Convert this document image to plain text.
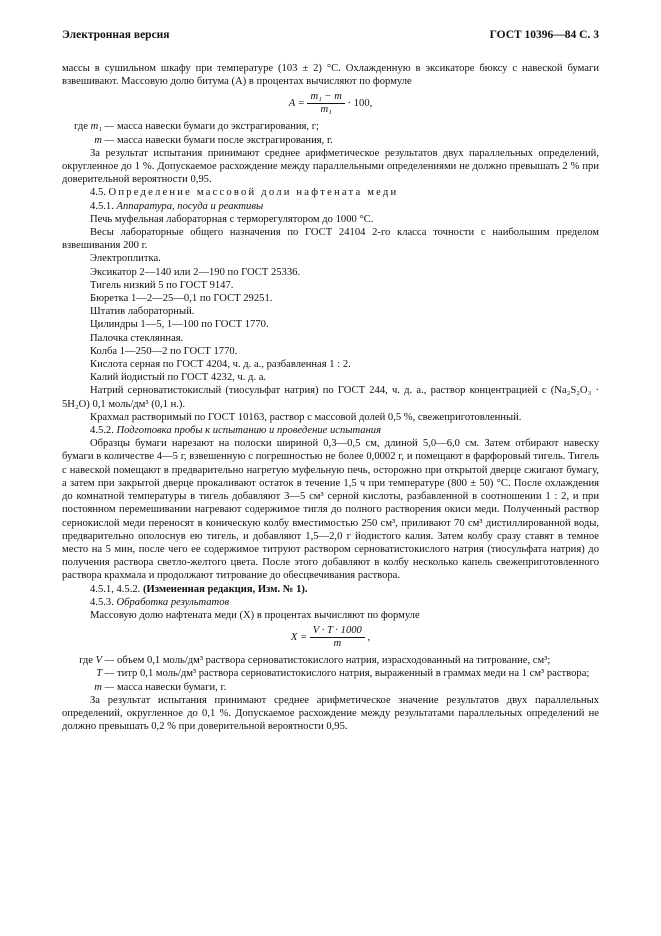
Электронная версия	ГОСТ 10396—84 С. 3

массы в сушильном шкафу при температуре (103 ± 2) °С. Охлажденную в эксикаторе бюксу с навеской бумаги взвешивают. Массовую долю битума (A) в процентах вычисляют по формуле

$A = \frac{\text{m₁ − m}}{\text{m₁}} \cdot 100$,
где m₁ — масса навески бумаги до экстрагирования, г;
m — масса навески бумаги после экстрагирования, г.

За результат испытания принимают среднее арифметическое результатов двух параллельных определений, округленное до 1 %. Допускаемое расхождение между параллельными определениями не должно превышать 2 % при доверительной вероятности 0,95.

4.5. Определение массовой доли нафтената меди

4.5.1. Аппаратура, посуда и реактивы

Печь муфельная лабораторная с терморегулятором до 1000 °С.

Весы лабораторные общего назначения по ГОСТ 24104 2-го класса точности с наибольшим пределом взвешивания 200 г.

Электроплитка.

Эксикатор 2—140 или 2—190 по ГОСТ 25336.

Тигель низкий 5 по ГОСТ 9147.

Бюретка 1—2—25—0,1 по ГОСТ 29251.

Штатив лабораторный.

Цилиндры 1—5, 1—100 по ГОСТ 1770.

Палочка стеклянная.

Колба 1—250—2 по ГОСТ 1770.

Кислота серная по ГОСТ 4204, ч. д. а., разбавленная 1 : 2.

Калий йодистый по ГОСТ 4232, ч. д. а.

Натрий серноватистокислый (тиосульфат натрия) по ГОСТ 244, ч. д. а., раствор концентрацией c (Na₂S₂O₃ · 5H₂O) 0,1 моль/дм³ (0,1 н.).

Крахмал растворимый по ГОСТ 10163, раствор с массовой долей 0,5 %, свежеприготовленный.

4.5.2. Подготовка пробы к испытанию и проведение испытания

Образцы бумаги нарезают на полоски шириной 0,3—0,5 см, длиной 5,0—6,0 см. Затем отбирают навеску бумаги в количестве 4—5 г, взвешенную с погрешностью не более 0,0002 г, и помещают в фарфоровый тигель. Тигель с навеской помещают в предварительно нагретую муфельную печь, осторожно при открытой дверце сжигают бумагу, а затем при закрытой дверце прокаливают остаток в течение 1,5 ч при температуре (800 ± 50) °С. После охлаждения до комнатной температуры в тигель добавляют 3—5 см³ серной кислоты, разбавленной в соотношении 1 : 2, и при постоянном перемешивании нагревают содержимое тигля до полного растворения окиси меди. Полученный раствор сернокислой меди переносят в коническую колбу вместимостью 250 см³, приливают 70 см³ дистиллированной воды, предварительно ополоснув ею тигель, и добавляют 1,5—2,0 г йодистого калия. Затем колбу сразу ставят в темное место на 5 мин, после чего ее содержимое титруют раствором серноватистокислого натрия (тиосульфата натрия) до получения раствора светло-желтого цвета. После этого добавляют в колбу несколько капель свежеприготовленного раствора крахмала и продолжают титрование до обесцвечивания раствора.

4.5.1, 4.5.2. (Измененная редакция, Изм. № 1).

4.5.3. Обработка результатов

Массовую долю нафтената меди (X) в процентах вычисляют по формуле

$X = \frac{V \cdot T \cdot 1000}{m}$ ,
где V — объем 0,1 моль/дм³ раствора серноватистокислого натрия, израсходованный на титрование, см³;
T — титр 0,1 моль/дм³ раствора серноватистокислого натрия, выраженный в граммах меди на 1 см³ раствора;
m — масса навески бумаги, г.

За результат испытания принимают среднее арифметическое значение результатов двух параллельных определений, округленное до 0,1 %. Допускаемое расхождение между результатами параллельных определений не должно превышать 0,2 % при доверительной вероятности 0,95.
